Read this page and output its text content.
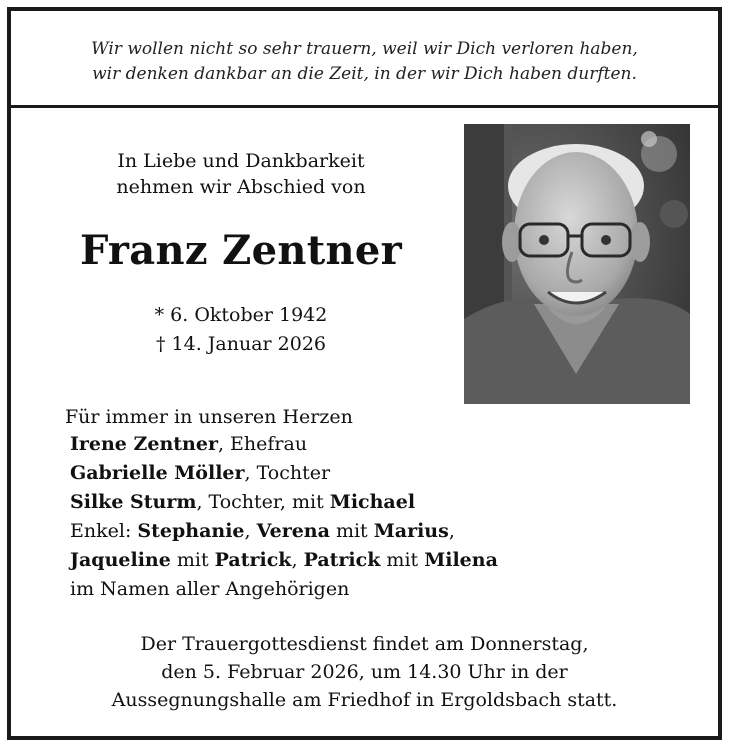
Wir wollen nicht so sehr trauern, weil wir Dich verloren haben,
wir denken dankbar an die Zeit, in der wir Dich haben durften.
In Liebe und Dankbarkeit
nehmen wir Abschied von
Franz Zentner
* 6. Oktober 1942
† 14. Januar 2026
Für immer in unseren Herzen
Irene Zentner, Ehefrau
Gabrielle Möller, Tochter
Silke Sturm, Tochter, mit Michael
Enkel: Stephanie, Verena mit Marius,
Jaqueline mit Patrick, Patrick mit Milena
im Namen aller Angehörigen
Der Trauergottesdienst findet am Donnerstag,
den 5. Februar 2026, um 14.30 Uhr in der
Aussegnungshalle am Friedhof in Ergoldsbach statt.
